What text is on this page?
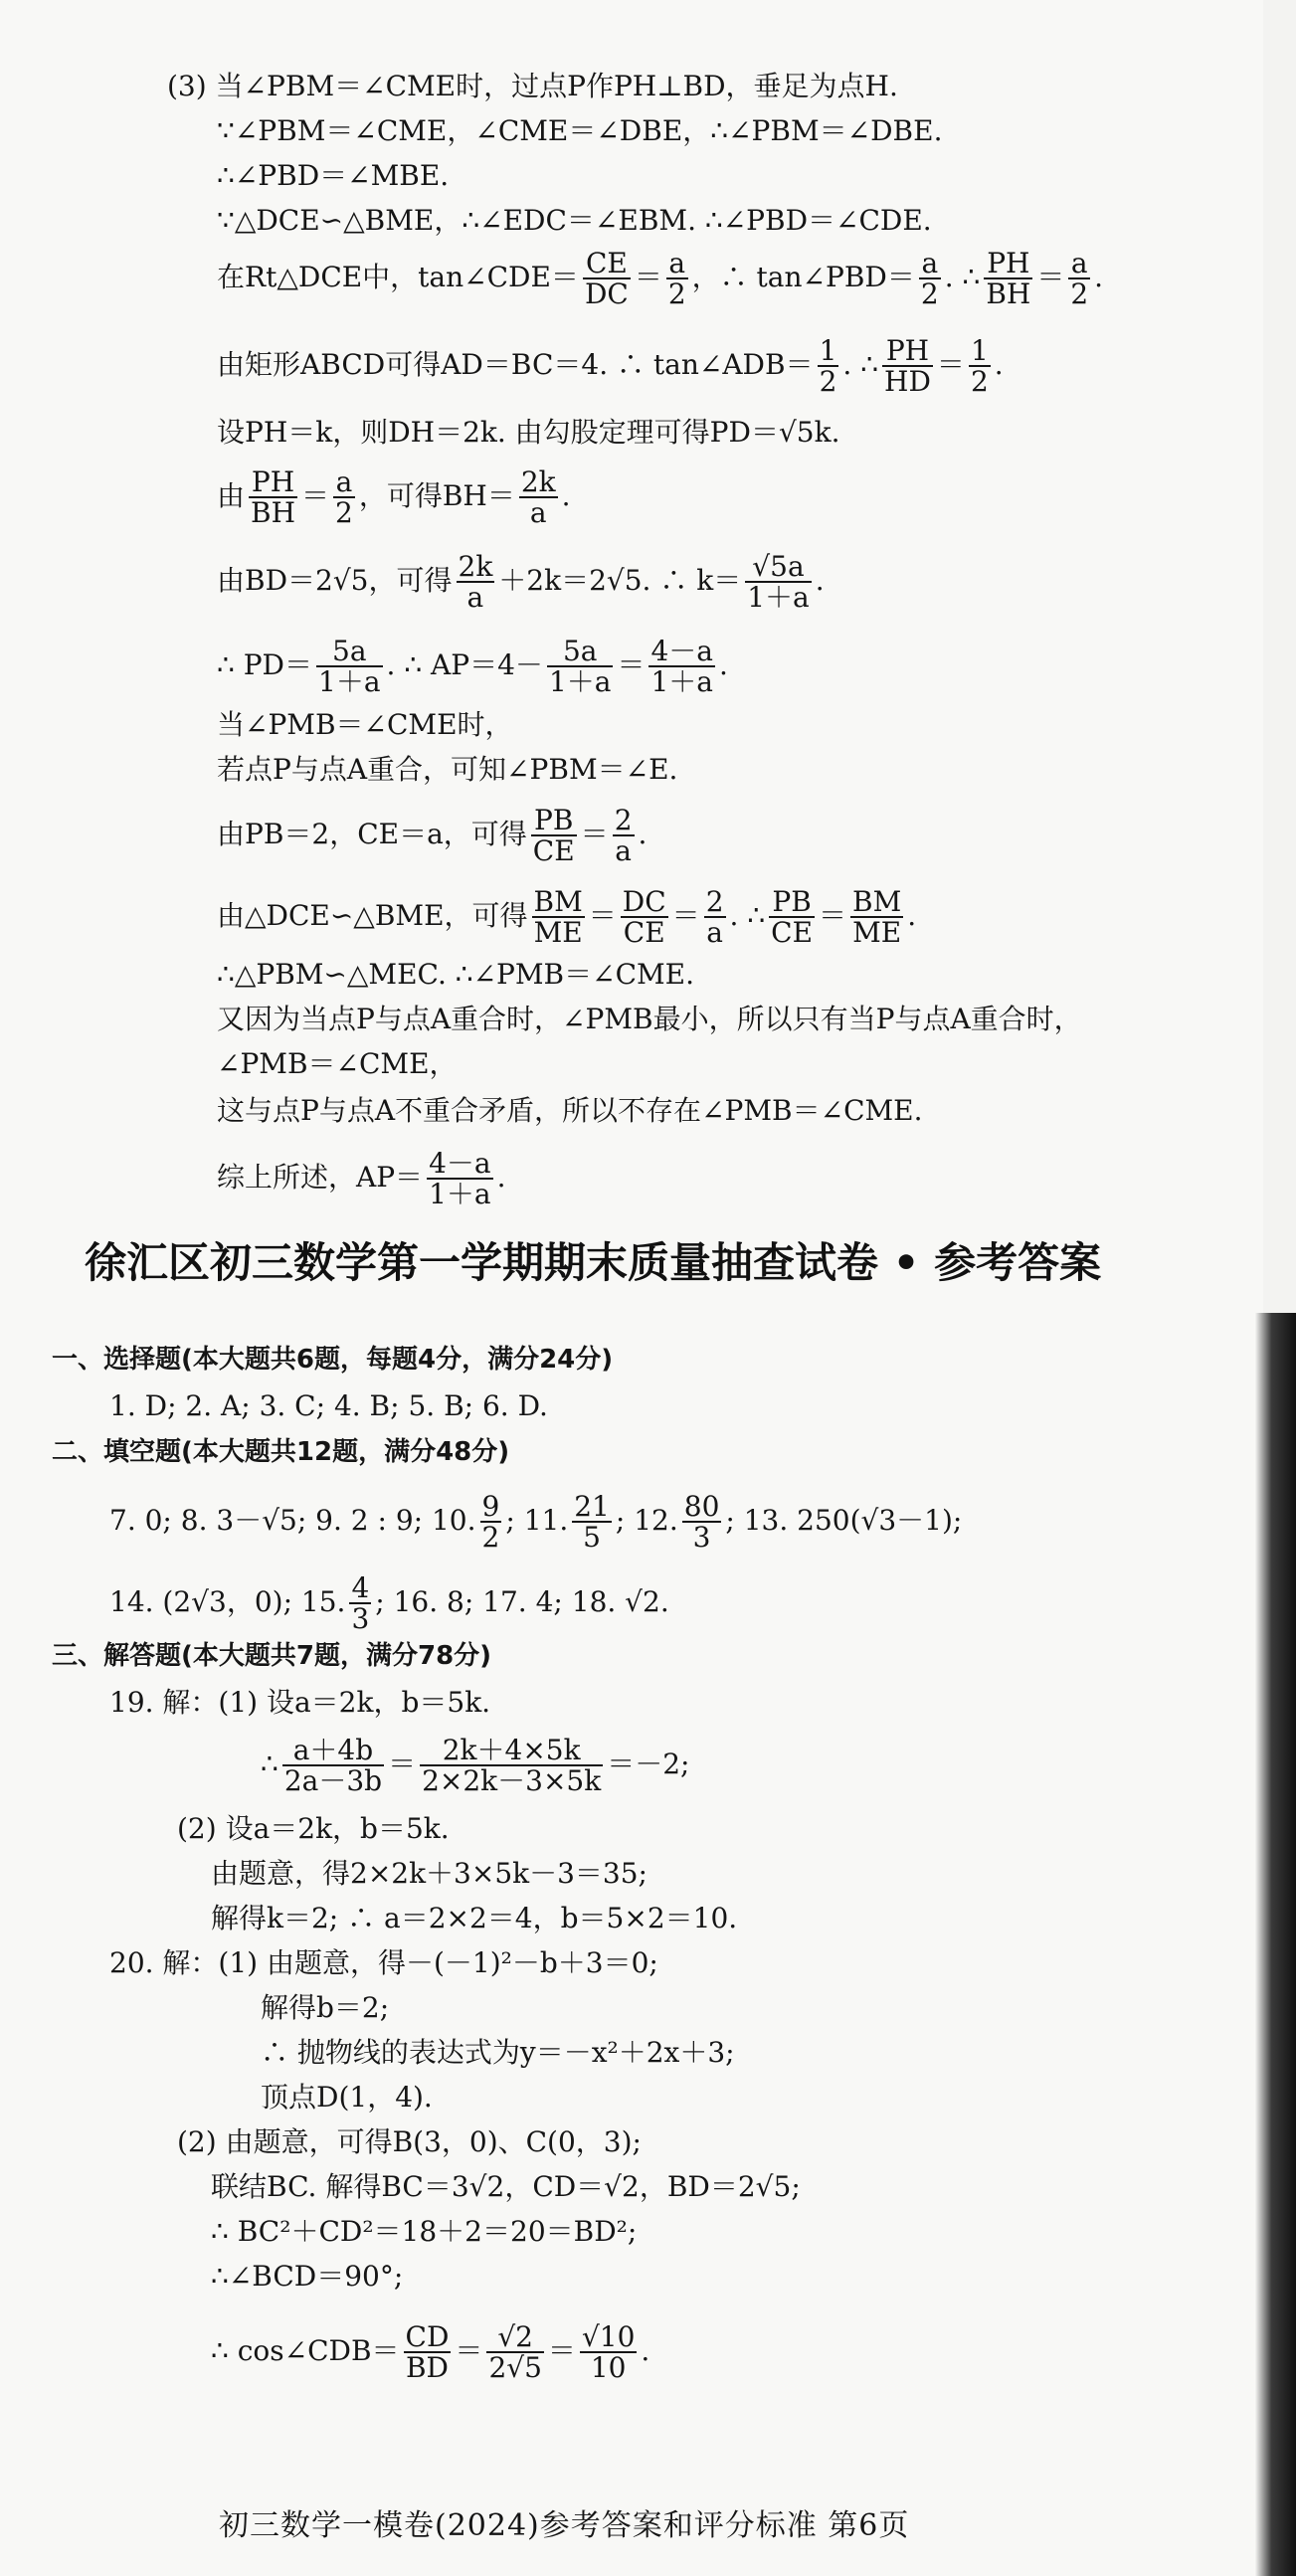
(3) 当∠PBM＝∠CME时，过点P作PH⊥BD，垂足为点H.
∵∠PBM＝∠CME，∠CME＝∠DBE，∴∠PBM＝∠DBE.
∴∠PBD＝∠MBE.
∵△DCE∽△BME，∴∠EDC＝∠EBM. ∴∠PBD＝∠CDE.
在Rt△DCE中，tan∠CDE＝ $\frac{CE}{DC} = \frac{a}{2}$ ，∴ tan∠PBD＝ $\frac{a}{2}$ . ∴ $\frac{PH}{BH} = \frac{a}{2}$ .
由矩形ABCD可得AD＝BC＝4. ∴ tan∠ADB＝ $\frac{1}{2}$ . ∴ $\frac{PH}{HD} = \frac{1}{2}$ .
设PH＝k，则DH＝2k. 由勾股定理可得PD＝√5k.
由 $\frac{PH}{BH} = \frac{a}{2}$ ，可得$BH= \frac{2k}{a}$ .
由BD＝2√5，可得 $\frac{2k}{a} +2k=2√5$. ∴ $k= \frac{√5a}{1+a}$ .
∴ $PD= \frac{5a}{1+a}$ . ∴ $AP=4- \frac{5a}{1+a} = \frac{4-a}{1+a}$ .
当∠PMB＝∠CME时，
若点P与点A重合，可知∠PBM＝∠E.
由PB＝2，CE＝a，可得 $\frac{PB}{CE} = \frac{2}{a}$ .
由△DCE∽△BME，可得 $\frac{BM}{ME} = \frac{DC}{CE} = \frac{2}{a}$ . ∴ $\frac{PB}{CE} = \frac{BM}{ME}$ .
∴△PBM∽△MEC. ∴∠PMB＝∠CME.
又因为当点P与点A重合时，∠PMB最小，所以只有当P与点A重合时，
∠PMB＝∠CME，
这与点P与点A不重合矛盾，所以不存在∠PMB＝∠CME.
综上所述，$AP= \frac{4-a}{1+a}$ .
徐汇区初三数学第一学期期末质量抽查试卷 • 参考答案
一、选择题(本大题共6题，每题4分，满分24分)
1. D; 2. A; 3. C; 4. B; 5. B; 6. D.
二、填空题(本大题共12题，满分48分)
7. 0; 8. 3－√5; 9. 2 : 9; 10. $\frac{9}{2}$ ; 11. $\frac{21}{5}$ ; 12. $\frac{80}{3}$ ; 13. 250(√3－1);
14. (2√3，0); 15. $\frac{4}{3}$ ; 16. 8; 17. 4; 18. √2.
三、解答题(本大题共7题，满分78分)
19. 解：(1) 设a＝2k，b＝5k.
∴ $\frac{a+4b}{2a-3b} = \frac{2k+4\times 5k}{2\times 2k-3\times 5k} =-2$;
(2) 设a＝2k，b＝5k.
由题意，得2×2k＋3×5k－3＝35;
解得k＝2; ∴ a＝2×2＝4，b＝5×2＝10.
20. 解：(1) 由题意，得－(－1)²－b＋3＝0;
解得b＝2;
∴ 抛物线的表达式为y＝－x²＋2x＋3;
顶点D(1，4).
(2) 由题意，可得B(3，0)、C(0，3);
联结BC. 解得BC＝3√2，CD＝√2，BD＝2√5;
∴ BC²＋CD²＝18＋2＝20＝BD²;
∴∠BCD＝90°;
∴ cos∠CDB＝ $\frac{CD}{BD} = \frac{√2}{2√5} = \frac{√10}{10}$ .
初三数学一模卷(2024)参考答案和评分标准 第6页
